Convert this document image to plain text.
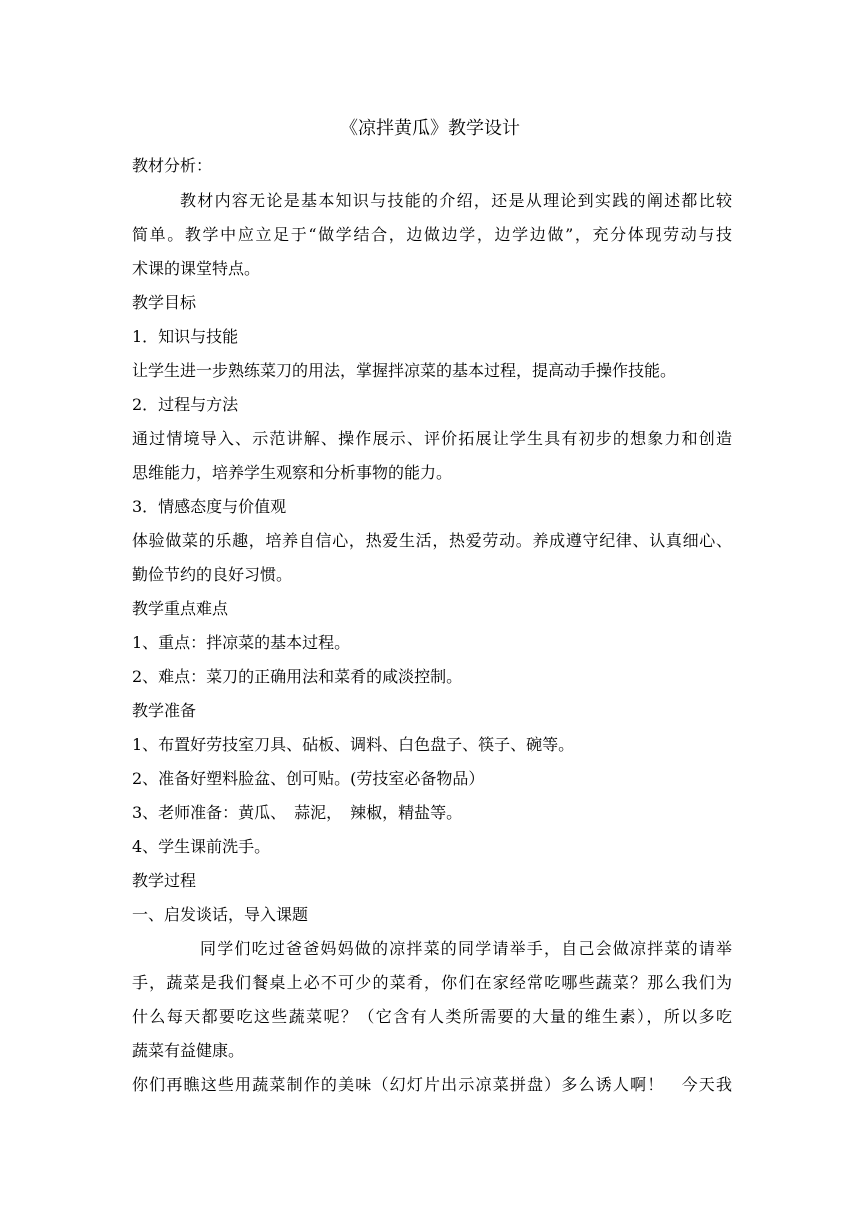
《凉拌黄瓜》教学设计
教材分析：
教材内容无论是基本知识与技能的介绍，还是从理论到实践的阐述都比较
简单。教学中应立足于“做学结合，边做边学，边学边做”，充分体现劳动与技
术课的课堂特点。
教学目标
1．知识与技能
让学生进一步熟练菜刀的用法，掌握拌凉菜的基本过程，提高动手操作技能。
2．过程与方法
通过情境导入、示范讲解、操作展示、评价拓展让学生具有初步的想象力和创造
思维能力，培养学生观察和分析事物的能力。
3．情感态度与价值观
体验做菜的乐趣，培养自信心，热爱生活，热爱劳动。养成遵守纪律、认真细心、
勤俭节约的良好习惯。
教学重点难点
1、重点：拌凉菜的基本过程。
2、难点：菜刀的正确用法和菜肴的咸淡控制。
教学准备
1、布置好劳技室刀具、砧板、调料、白色盘子、筷子、碗等。
2、准备好塑料脸盆、创可贴。(劳技室必备物品）
3、老师准备：黄瓜、　蒜泥，　辣椒，精盐等。
4、学生课前洗手。
教学过程
一、启发谈话，导入课题
同学们吃过爸爸妈妈做的凉拌菜的同学请举手，自己会做凉拌菜的请举
手，蔬菜是我们餐桌上必不可少的菜肴，你们在家经常吃哪些蔬菜？那么我们为
什么每天都要吃这些蔬菜呢？（它含有人类所需要的大量的维生素），所以多吃
蔬菜有益健康。
你们再瞧这些用蔬菜制作的美味（幻灯片出示凉菜拼盘）多么诱人啊！　今天我
